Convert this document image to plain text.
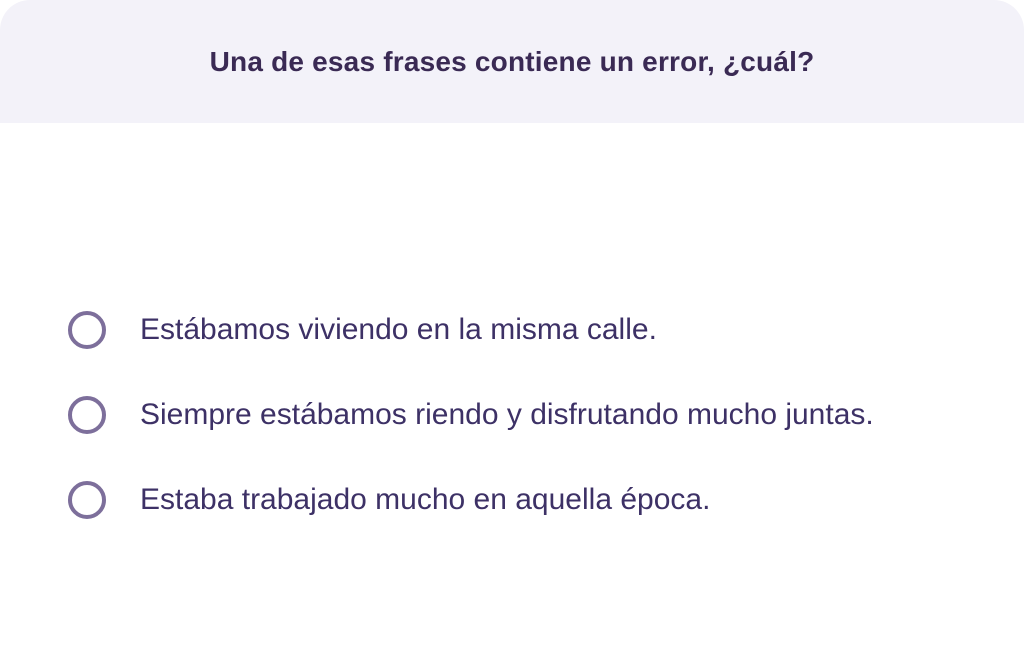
Una de esas frases contiene un error, ¿cuál?
Estábamos viviendo en la misma calle.
Siempre estábamos riendo y disfrutando mucho juntas.
Estaba trabajado mucho en aquella época.
